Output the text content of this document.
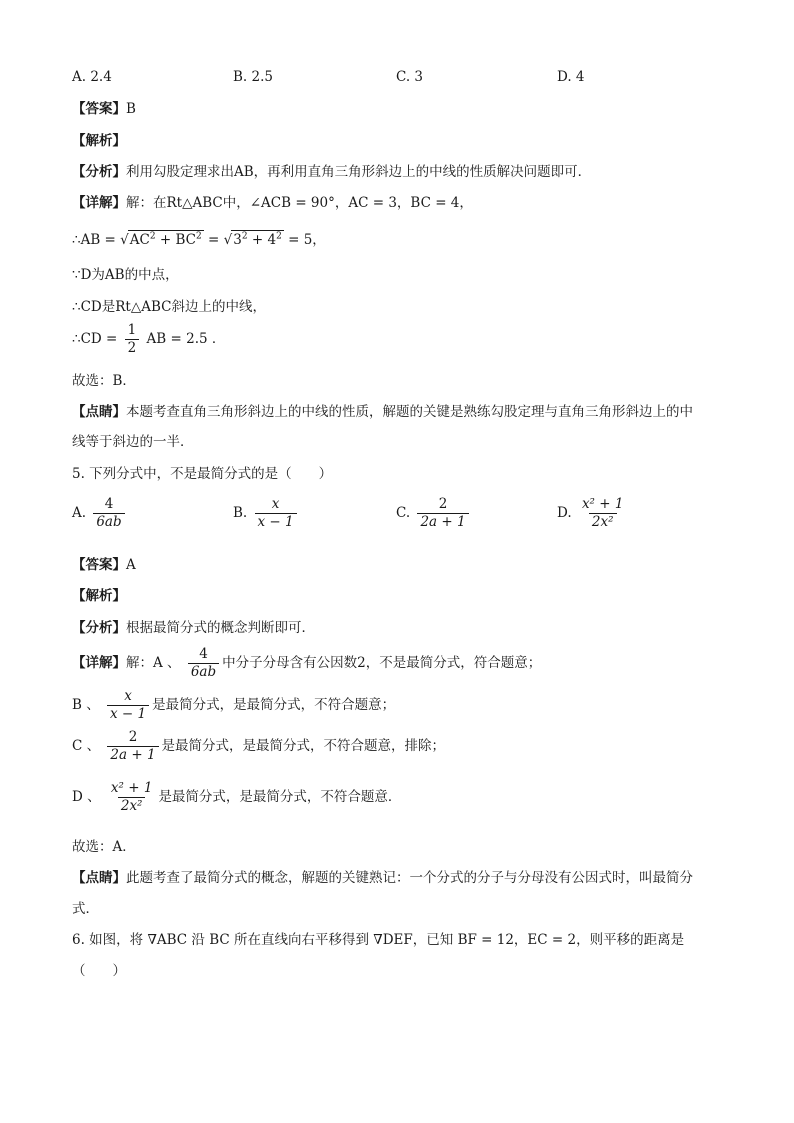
A. 2.4	B. 2.5	C. 3	D. 4
【答案】B
【解析】
【分析】利用勾股定理求出AB，再利用直角三角形斜边上的中线的性质解决问题即可．
【详解】解：在Rt△ABC中，∠ACB = 90°，AC = 3，BC = 4，
∴AB = $√AC^2 + BC^2 = √3^2 + 4^2 = 5$，
∵D为AB的中点，
∴CD是Rt△ABC斜边上的中线，
∴CD = $\frac{1}{2}$ AB = 2.5 ．
故选：B．
【点睛】本题考查直角三角形斜边上的中线的性质，解题的关键是熟练勾股定理与直角三角形斜边上的中
线等于斜边的一半．
5. 下列分式中，不是最简分式的是（　　）
A. $\frac{4}{6ab}$	B. $\frac{x}{x - 1}$	C. $\frac{2}{2a + 1}$	D. $\frac{\text{x² + 1}}{\text{2x²}}$
【答案】A
【解析】
【分析】根据最简分式的概念判断即可．
【详解】解：A 、 $\frac{4}{6ab}$ 中分子分母含有公因数2，不是最简分式，符合题意；
B 、 $\frac{x}{x - 1}$ 是最简分式，是最简分式，不符合题意；
C 、 $\frac{2}{2a + 1}$ 是最简分式，是最简分式，不符合题意，排除；
D 、 $\frac{\text{x² + 1}}{\text{2x²}}$ 是最简分式，是最简分式，不符合题意．
故选：A．
【点睛】此题考查了最简分式的概念，解题的关键熟记：一个分式的分子与分母没有公因式时，叫最简分
式．
6. 如图，将 ∇ABC 沿 BC 所在直线向右平移得到 ∇DEF，已知 BF = 12，EC = 2，则平移的距离是
（　　）
